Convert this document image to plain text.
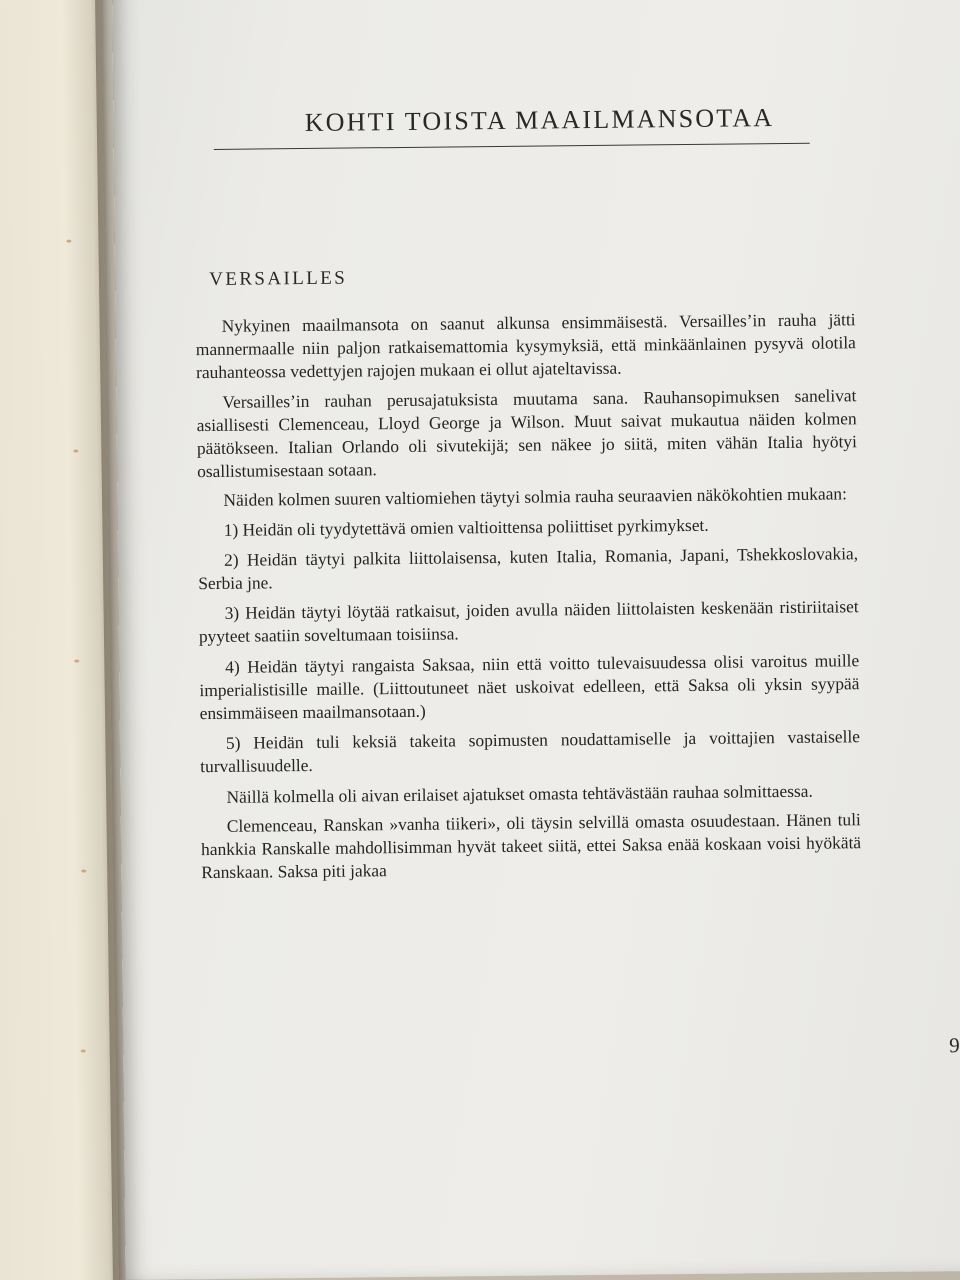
KOHTI TOISTA MAAILMANSOTAA
VERSAILLES

Nykyinen maailmansota on saanut alkunsa ensimmäisestä. Versailles’in rauha jätti mannermaalle niin paljon ratkaisemattomia kysymyksiä, että minkäänlainen pysyvä olotila rauhanteossa vedettyjen rajojen mukaan ei ollut ajateltavissa.

Versailles’in rauhan perusajatuksista muutama sana. Rauhansopimuksen sanelivat asiallisesti Clemenceau, Lloyd George ja Wilson. Muut saivat mukautua näiden kolmen päätökseen. Italian Orlando oli sivutekijä; sen näkee jo siitä, miten vähän Italia hyötyi osallistumisestaan sotaan.

Näiden kolmen suuren valtiomiehen täytyi solmia rauha seuraavien näkökohtien mukaan:

1) Heidän oli tyydytettävä omien valtioittensa poliittiset pyrkimykset.

2) Heidän täytyi palkita liittolaisensa, kuten Italia, Romania, Japani, Tshekkoslovakia, Serbia jne.

3) Heidän täytyi löytää ratkaisut, joiden avulla näiden liittolaisten keskenään ristiriitaiset pyyteet saatiin soveltumaan toisiinsa.

4) Heidän täytyi rangaista Saksaa, niin että voitto tulevaisuudessa olisi varoitus muille imperialistisille maille. (Liittoutuneet näet uskoivat edelleen, että Saksa oli yksin syypää ensimmäiseen maailmansotaan.)

5) Heidän tuli keksiä takeita sopimusten noudattamiselle ja voittajien vastaiselle turvallisuudelle.

Näillä kolmella oli aivan erilaiset ajatukset omasta tehtävästään rauhaa solmittaessa.

Clemenceau, Ranskan »vanha tiikeri», oli täysin selvillä omasta osuudestaan. Hänen tuli hankkia Ranskalle mahdollisimman hyvät takeet siitä, ettei Saksa enää koskaan voisi hyökätä Ranskaan. Saksa piti jakaa

9
